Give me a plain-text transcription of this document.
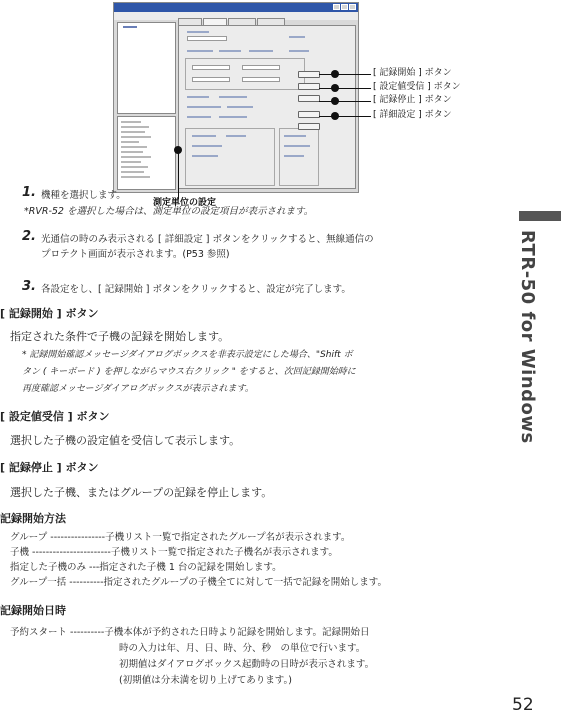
[ 記録開始 ] ボタン
[ 設定値受信 ] ボタン
[ 記録停止 ] ボタン
[ 詳細設定 ] ボタン
測定単位の設定
RTR-50 for Windows
1. 機種を選択します。
*RVR-52 を選択した場合は、測定単位の設定項目が表示されます。
2. 光通信の時のみ表示される [ 詳細設定 ] ボタンをクリックすると、無線通信の
プロテクト画面が表示されます。(P53 参照)
3. 各設定をし、[ 記録開始 ] ボタンをクリックすると、設定が完了します。
[ 記録開始 ] ボタン
指定された条件で子機の記録を開始します。
* 記録開始確認メッセージダイアログボックスを非表示設定にした場合、"Shift ボ
タン ( キーボード ) を押しながらマウス右クリック " をすると、次回記録開始時に
再度確認メッセージダイアログボックスが表示されます。
[ 設定値受信 ] ボタン
選択した子機の設定値を受信して表示します。
[ 記録停止 ] ボタン
選択した子機、またはグループの記録を停止します。
記録開始方法
グループ ----------------子機リスト一覧で指定されたグループ名が表示されます。
子機 -----------------------子機リスト一覧で指定された子機名が表示されます。
指定した子機のみ ---指定された子機 1 台の記録を開始します。
グループ一括 ----------指定されたグループの子機全てに対して一括で記録を開始します。
記録開始日時
予約スタート ----------子機本体が予約された日時より記録を開始します。記録開始日
時の入力は年、月、日、時、分、秒　の単位で行います。
初期値はダイアログボックス起動時の日時が表示されます。
(初期値は分未満を切り上げてあります。)
52
